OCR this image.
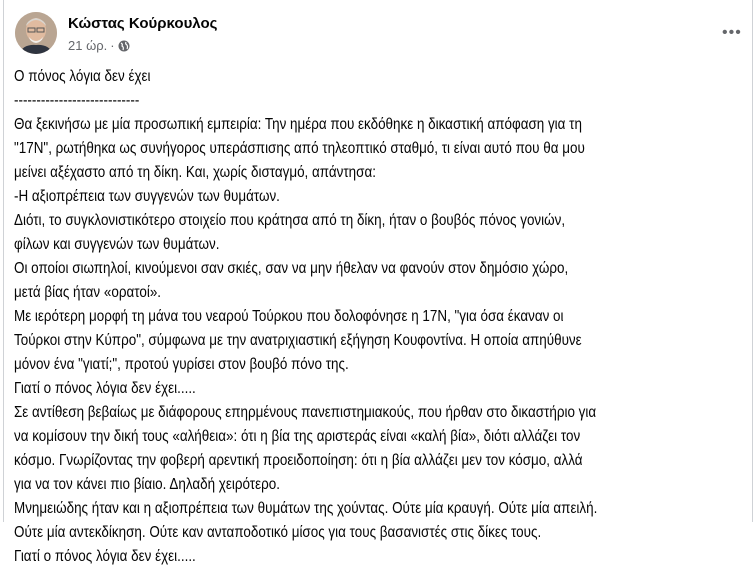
Κώστας Κούρκουλος
21 ώρ. ·
•••
Ο πόνος λόγια δεν έχει
----------------------------
Θα ξεκινήσω με μία προσωπική εμπειρία: Την ημέρα που εκδόθηκε η δικαστική απόφαση για τη
"17N", ρωτήθηκα ως συνήγορος υπεράσπισης από τηλεοπτικό σταθμό, τι είναι αυτό που θα μου
μείνει αξέχαστο από τη δίκη. Και, χωρίς δισταγμό, απάντησα:
-Η αξιοπρέπεια των συγγενών των θυμάτων.
Διότι, το συγκλονιστικότερο στοιχείο που κράτησα από τη δίκη, ήταν ο βουβός πόνος γονιών,
φίλων και συγγενών των θυμάτων.
Οι οποίοι σιωπηλοί, κινούμενοι σαν σκιές, σαν να μην ήθελαν να φανούν στον δημόσιο χώρο,
μετά βίας ήταν «ορατοί».
Με ιερότερη μορφή τη μάνα του νεαρού Τούρκου που δολοφόνησε η 17N, "για όσα έκαναν οι
Τούρκοι στην Κύπρο", σύμφωνα με την ανατριχιαστική εξήγηση Κουφοντίνα. Η οποία απηύθυνε
μόνον ένα "γιατί;", προτού γυρίσει στον βουβό πόνο της.
Γιατί ο πόνος λόγια δεν έχει.....
Σε αντίθεση βεβαίως με διάφορους επηρμένους πανεπιστημιακούς, που ήρθαν στο δικαστήριο για
να κομίσουν την δική τους «αλήθεια»: ότι η βία της αριστεράς είναι «καλή βία», διότι αλλάζει τον
κόσμο. Γνωρίζοντας την φοβερή αρεντική προειδοποίηση: ότι η βία αλλάζει μεν τον κόσμο, αλλά
για να τον κάνει πιο βίαιο. Δηλαδή χειρότερο.
Μνημειώδης ήταν και η αξιοπρέπεια των θυμάτων της χούντας. Ούτε μία κραυγή. Ούτε μία απειλή.
Ούτε μία αντεκδίκηση. Ούτε καν ανταποδοτικό μίσος για τους βασανιστές στις δίκες τους.
Γιατί ο πόνος λόγια δεν έχει.....
